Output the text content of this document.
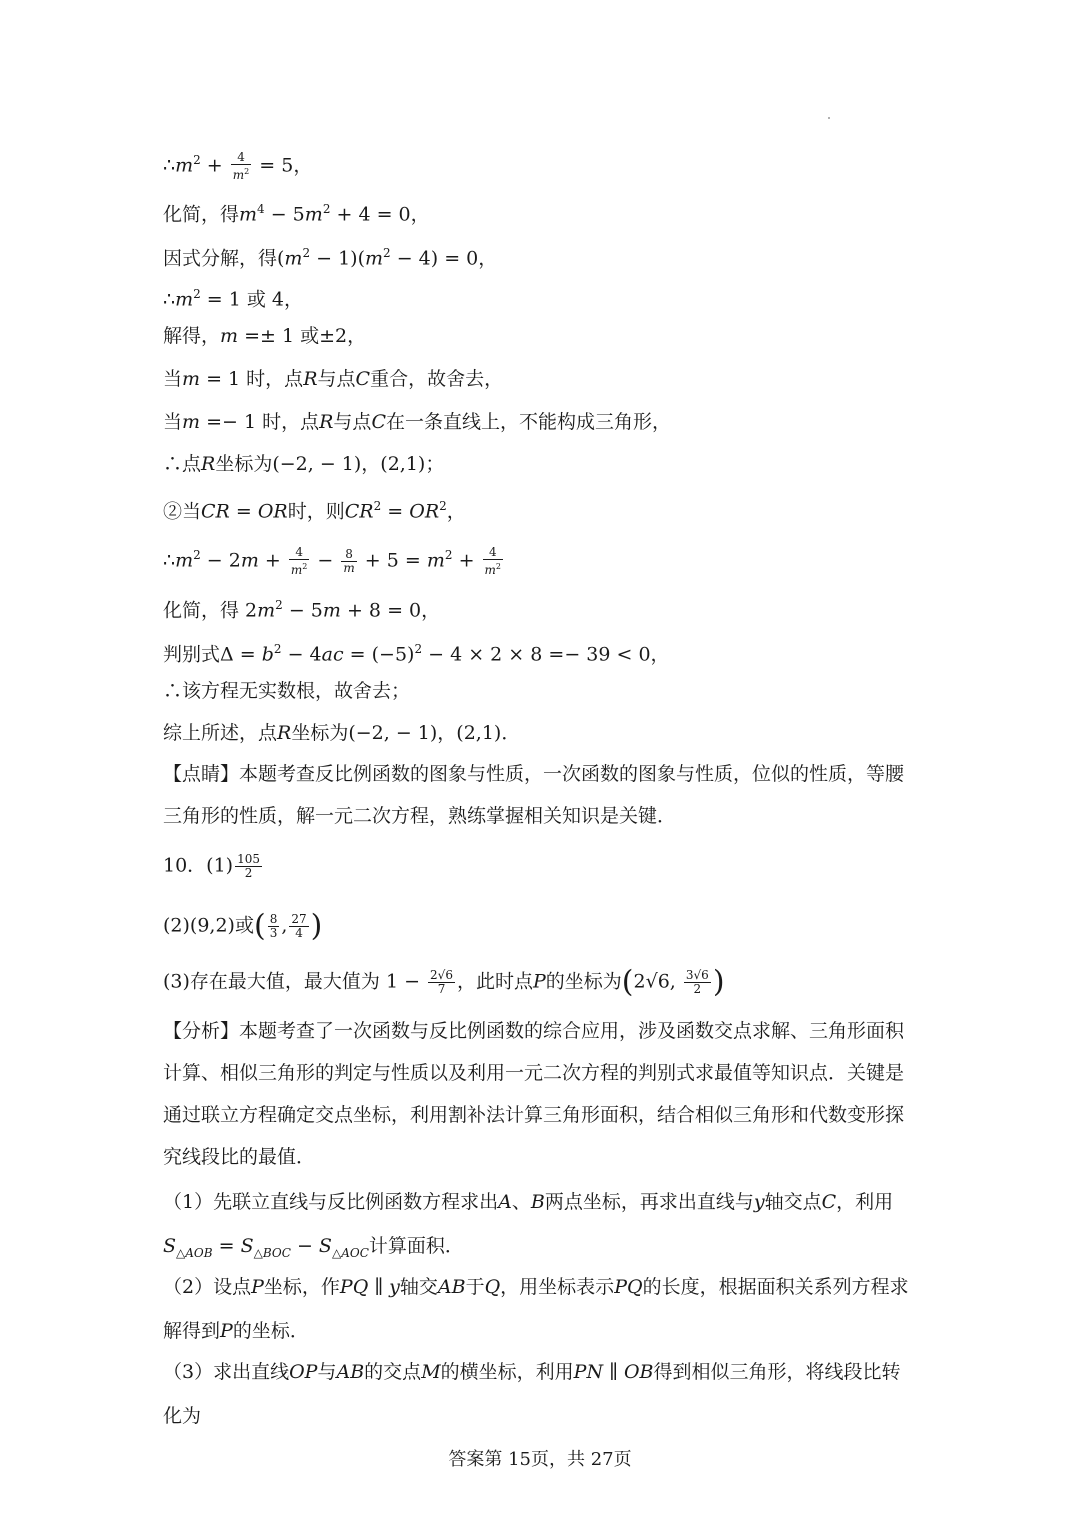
$\therefore m^2 + \frac{4}{m^2} = 5$，
化简，得$m^4 - 5m^2 + 4 = 0$，
因式分解，得$(m^2 - 1)(m^2 - 4) = 0$，
$\therefore m^2 = 1$ 或 4，
解得，m =± 1 或±2，
当m = 1 时，点R与点C重合，故舍去，
当m =− 1 时，点R与点C在一条直线上，不能构成三角形，
∴点R坐标为(−2, − 1)，(2,1)；
②当CR = OR时，则$CR^2 = OR^2$，
$\therefore m^2 - 2m + \frac{4}{m^2} - \frac{8}{m} + 5 = m^2 + \frac{4}{m^2}$
化简，得 $2m^2 - 5m + 8 = 0$，
判别式$\Delta = b^2 - 4ac = (-5)^2 - 4 \times 2 \times 8 =- 39 < 0$，
∴该方程无实数根，故舍去；
综上所述，点R坐标为(−2, − 1)，(2,1)．
【点睛】本题考查反比例函数的图象与性质，一次函数的图象与性质，位似的性质，等腰三角形的性质，解一元二次方程，熟练掌握相关知识是关键．
10．$(1) \frac{105}{2}$
(2)(9,2)或( $\frac{8}{3}$ , $\frac{27}{4}$ )
(3)存在最大值，最大值为 $1 - \frac{2√6}{7}$ ，此时点P的坐标为(2√6, $\frac{3√6}{2}$ )
【分析】本题考查了一次函数与反比例函数的综合应用，涉及函数交点求解、三角形面积计算、相似三角形的判定与性质以及利用一元二次方程的判别式求最值等知识点．关键是通过联立方程确定交点坐标，利用割补法计算三角形面积，结合相似三角形和代数变形探究线段比的最值．
（1）先联立直线与反比例函数方程求出A、B两点坐标，再求出直线与y轴交点C，利用$S_{\triangle AOB} = S_{\triangle BOC} - S_{\triangle AOC}$计算面积．
（2）设点P坐标，作PQ ∥ y轴交AB于Q，用坐标表示PQ的长度，根据面积关系列方程求解得到P的坐标．
（3）求出直线OP与AB的交点M的横坐标，利用PN ∥ OB得到相似三角形，将线段比转化为
答案第 15页，共 27页
